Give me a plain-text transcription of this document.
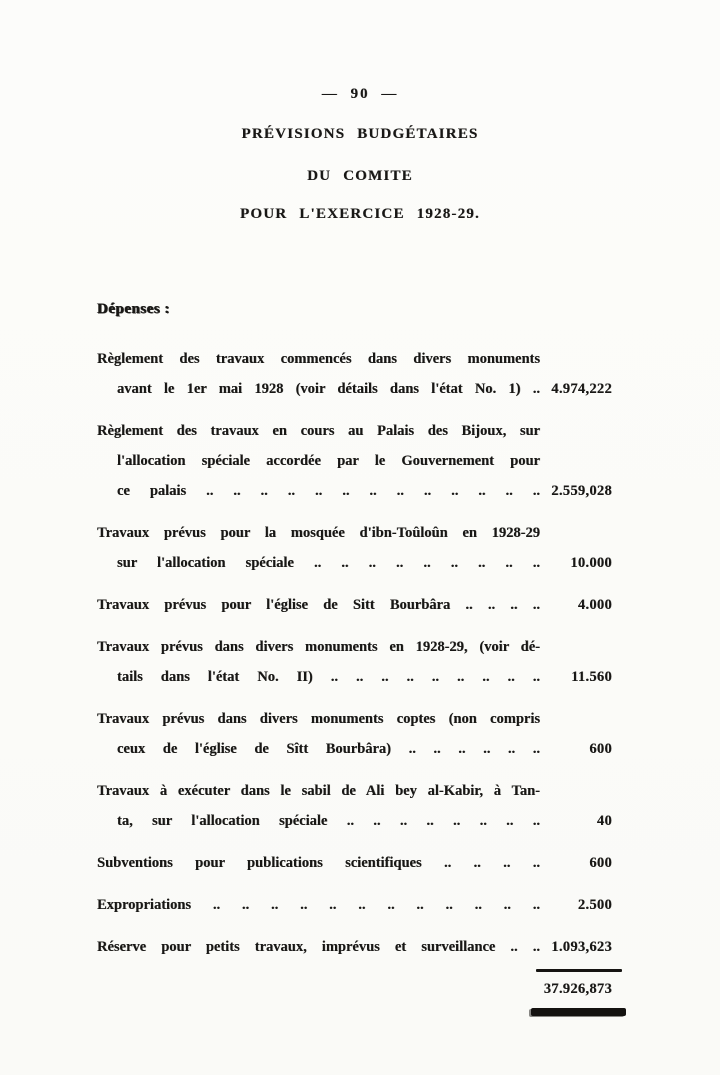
— 90 —
PRÉVISIONS BUDGÉTAIRES
DU COMITE
POUR L'EXERCICE 1928-29.
Dépenses :
Règlement des travaux commencés dans divers monuments
avant le 1er mai 1928 (voir détails dans l'état No. 1) .. 4.974,222
Règlement des travaux en cours au Palais des Bijoux, sur
l'allocation spéciale accordée par le Gouvernement pour
ce palais .. .. .. .. .. .. .. .. .. .. .. .. .. 2.559,028
Travaux prévus pour la mosquée d'ibn-Toûloûn en 1928-29
sur l'allocation spéciale .. .. .. .. .. .. .. .. .. 10.000
Travaux prévus pour l'église de Sitt Bourbâra .. .. .. ..	4.000
Travaux prévus dans divers monuments en 1928-29, (voir dé-
tails dans l'état No. II) .. .. .. .. .. .. .. .. .. 11.560
Travaux prévus dans divers monuments coptes (non compris
ceux de l'église de Sîtt Bourbâra) .. .. .. .. .. ..	600
Travaux à exécuter dans le sabil de Ali bey al-Kabir, à Tan-
ta, sur l'allocation spéciale .. .. .. .. .. .. .. ..	40
Subventions pour publications scientifiques .. .. .. ..	600
Expropriations .. .. .. .. .. .. .. .. .. .. .. ..	2.500
Réserve pour petits travaux, imprévus et surveillance .. .. 1.093,623
37.926,873
